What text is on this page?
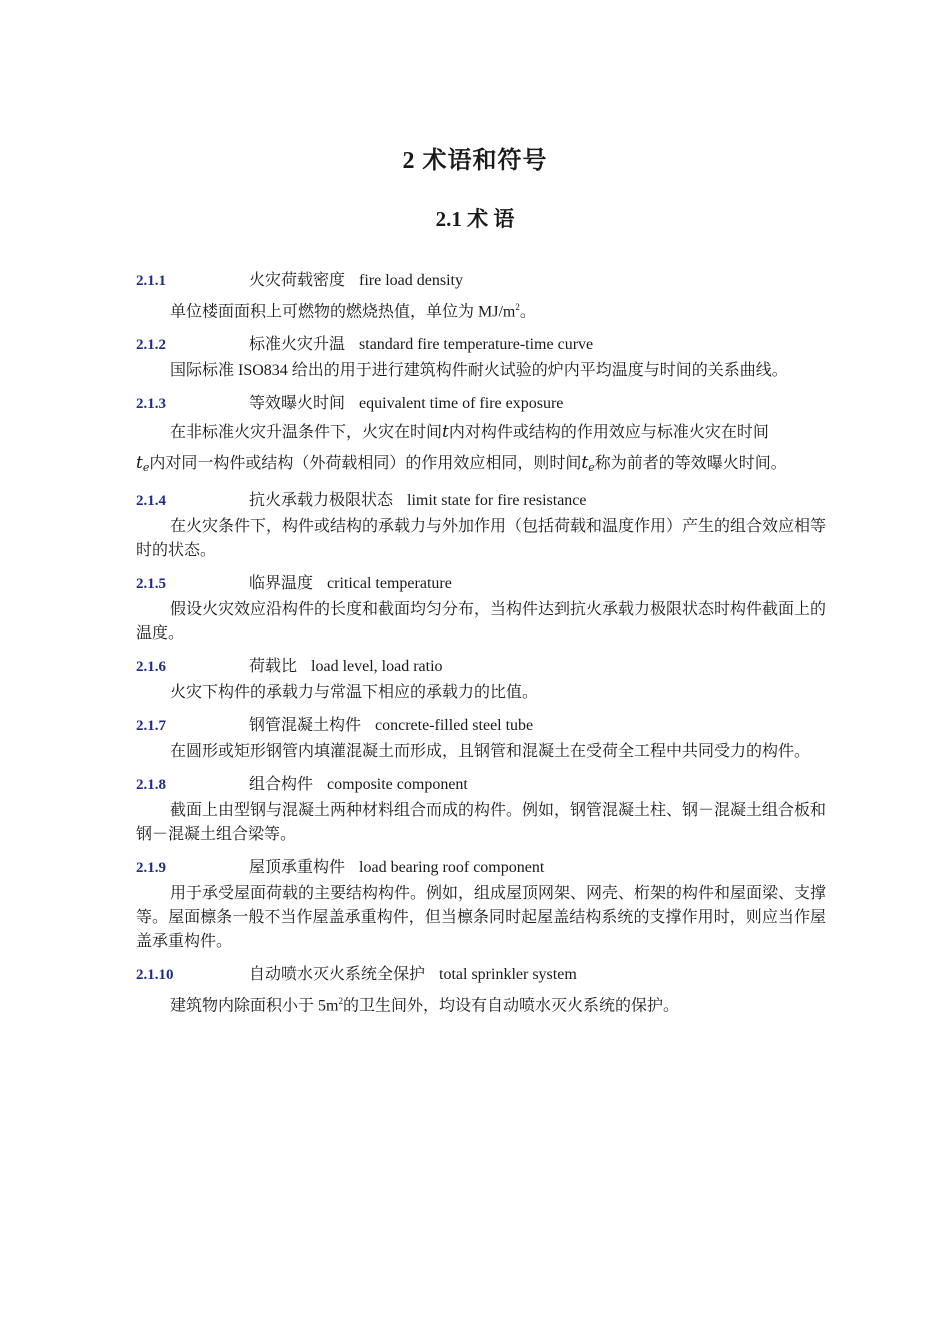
2 术语和符号
2.1 术 语
2.1.1	火灾荷载密度 fire load density

单位楼面面积上可燃物的燃烧热值，单位为 $MJ/m^2$。

2.1.2	标准火灾升温 standard fire temperature-time curve

国际标准 ISO834 给出的用于进行建筑构件耐火试验的炉内平均温度与时间的关系曲线。

2.1.3	等效曝火时间 equivalent time of fire exposure
在非标准火灾升温条件下，火灾在时间t内对构件或结构的作用效应与标准火灾在时间
te内对同一构件或结构（外荷载相同）的作用效应相同，则时间te称为前者的等效曝火时间。
2.1.4	抗火承载力极限状态 limit state for fire resistance

在火灾条件下，构件或结构的承载力与外加作用（包括荷载和温度作用）产生的组合效应相等时的状态。

2.1.5	临界温度 critical temperature

假设火灾效应沿构件的长度和截面均匀分布，当构件达到抗火承载力极限状态时构件截面上的温度。

2.1.6	荷载比 load level, load ratio

火灾下构件的承载力与常温下相应的承载力的比值。

2.1.7	钢管混凝土构件 concrete-filled steel tube

在圆形或矩形钢管内填灌混凝土而形成，且钢管和混凝土在受荷全工程中共同受力的构件。

2.1.8	组合构件 composite component

截面上由型钢与混凝土两种材料组合而成的构件。例如，钢管混凝土柱、钢－混凝土组合板和钢－混凝土组合梁等。

2.1.9	屋顶承重构件 load bearing roof component

用于承受屋面荷载的主要结构构件。例如，组成屋顶网架、网壳、桁架的构件和屋面梁、支撑等。屋面檩条一般不当作屋盖承重构件，但当檩条同时起屋盖结构系统的支撑作用时，则应当作屋盖承重构件。

2.1.10	自动喷水灭火系统全保护 total sprinkler system

建筑物内除面积小于 $5m^2$的卫生间外，均设有自动喷水灭火系统的保护。
